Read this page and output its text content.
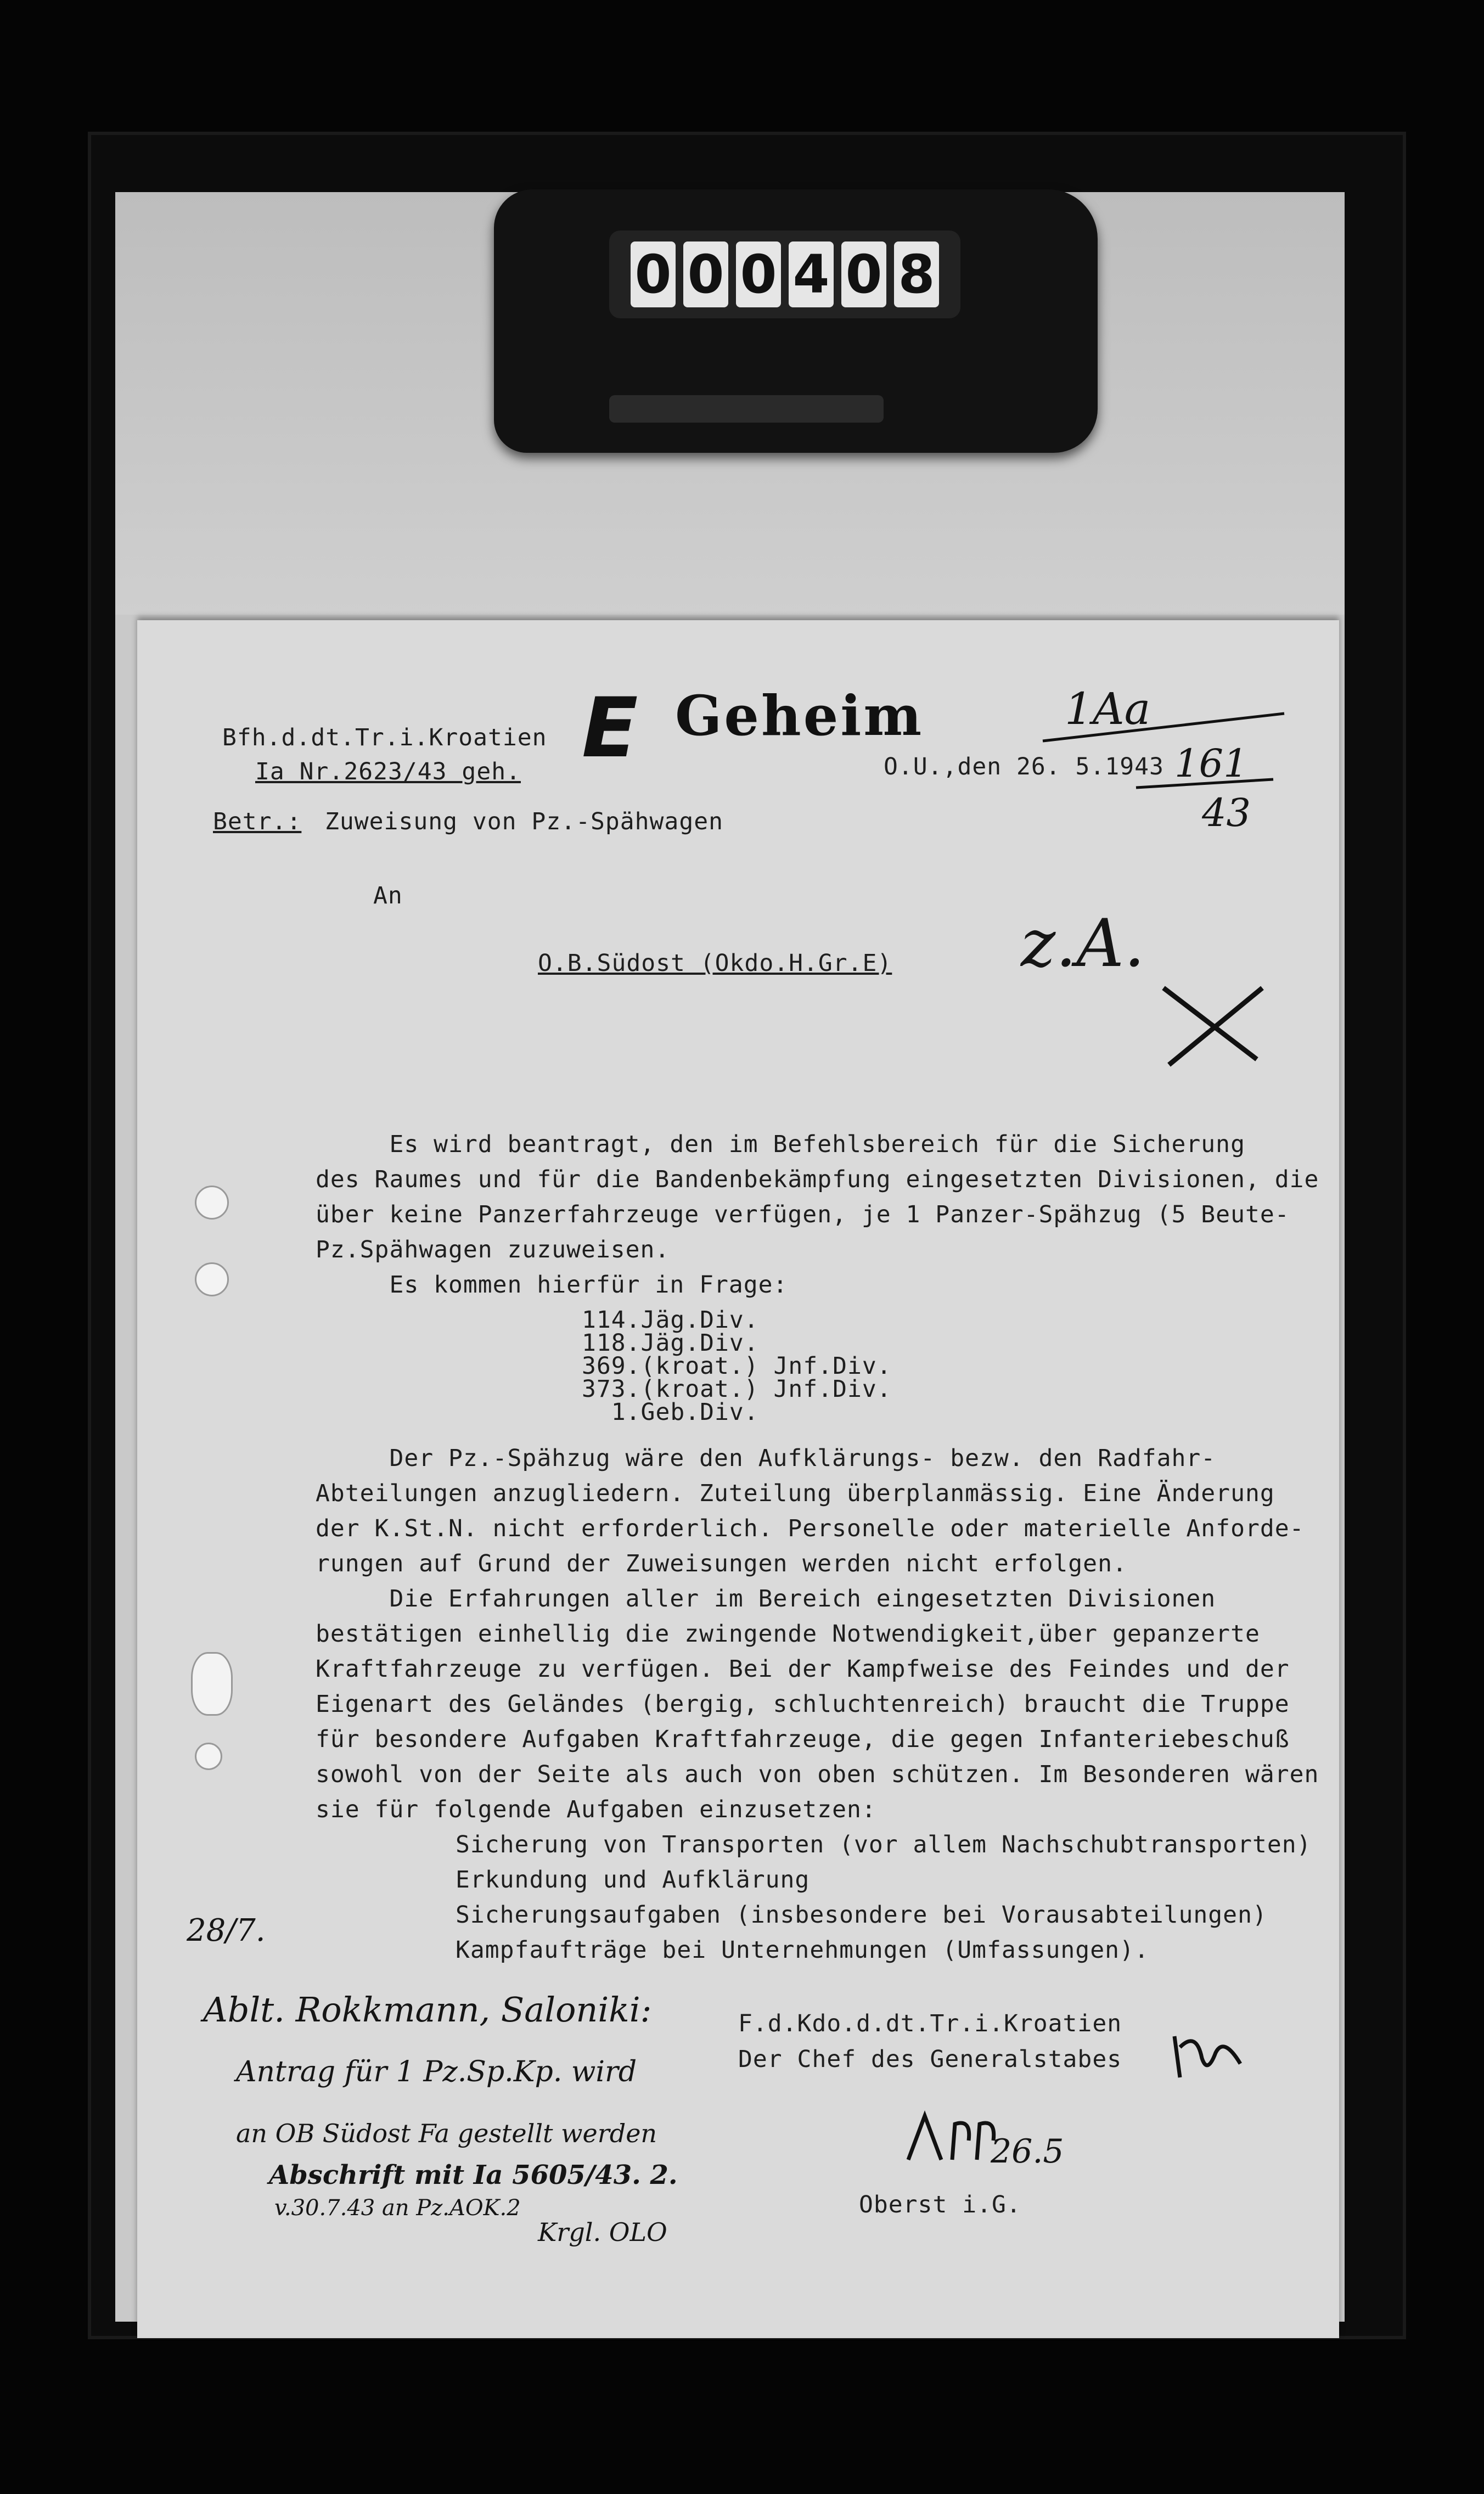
0 0 0 4 0 8
Bfh.d.dt.Tr.i.Kroatien
Ia Nr.2623/43 geh. E Geheim
O.U.,den 26. 5.1943
1Aa
161
43
Betr.: Zuweisung von Pz.-Spähwagen
An
O.B.Südost (Okdo.H.Gr.E) z.A.
Es wird beantragt, den im Befehlsbereich für die Sicherung
des Raumes und für die Bandenbekämpfung eingesetzten Divisionen, die
über keine Panzerfahrzeuge verfügen, je 1 Panzer-Spähzug (5 Beute-
Pz.Spähwagen zuzuweisen.
Es kommen hierfür in Frage:
114.Jäg.Div.
118.Jäg.Div.
369.(kroat.) Jnf.Div.
373.(kroat.) Jnf.Div.
1.Geb.Div.
Der Pz.-Spähzug wäre den Aufklärungs- bezw. den Radfahr-
Abteilungen anzugliedern. Zuteilung überplanmässig. Eine Änderung
der K.St.N. nicht erforderlich. Personelle oder materielle Anforde-
rungen auf Grund der Zuweisungen werden nicht erfolgen.
Die Erfahrungen aller im Bereich eingesetzten Divisionen
bestätigen einhellig die zwingende Notwendigkeit,über gepanzerte
Kraftfahrzeuge zu verfügen. Bei der Kampfweise des Feindes und der
Eigenart des Geländes (bergig, schluchtenreich) braucht die Truppe
für besondere Aufgaben Kraftfahrzeuge, die gegen Infanteriebeschuß
sowohl von der Seite als auch von oben schützen. Im Besonderen wären
sie für folgende Aufgaben einzusetzen:
Sicherung von Transporten (vor allem Nachschubtransporten)
Erkundung und Aufklärung
Sicherungsaufgaben (insbesondere bei Vorausabteilungen)
Kampfaufträge bei Unternehmungen (Umfassungen).
F.d.Kdo.d.dt.Tr.i.Kroatien
Der Chef des Generalstabes
26.5
Oberst i.G.
28/7.
Ablt. Rokkmann, Saloniki:
Antrag für 1 Pz.Sp.Kp. wird
an OB Südost Fa gestellt werden
Abschrift mit Ia 5605/43. 2.
v.30.7.43 an Pz.AOK.2
Krgl. OLO
